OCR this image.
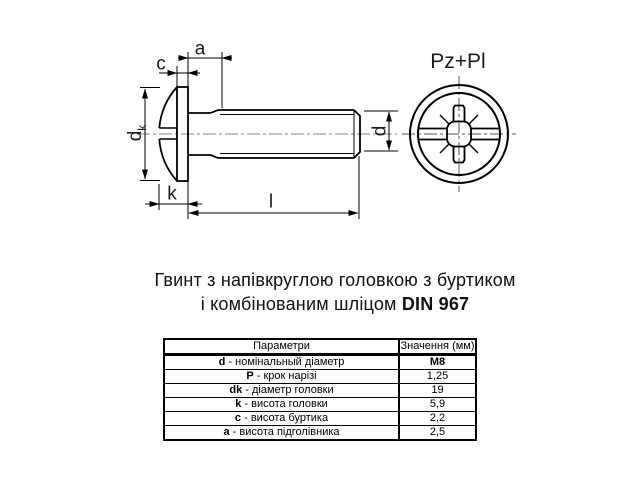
a
c
k	l
$d_k$	d
Pz+Pl
Гвинт з напівкруглою головкою з буртиком
і комбінованим шліцом DIN 967
Параметри	Значення (мм)
d - номінальный діаметр	M8
P - крок нарізі	1,25
dk - діаметр головки	19
k - висота головки	5,9
c - висота буртика	2,2
a - висота підголівника	2,5
